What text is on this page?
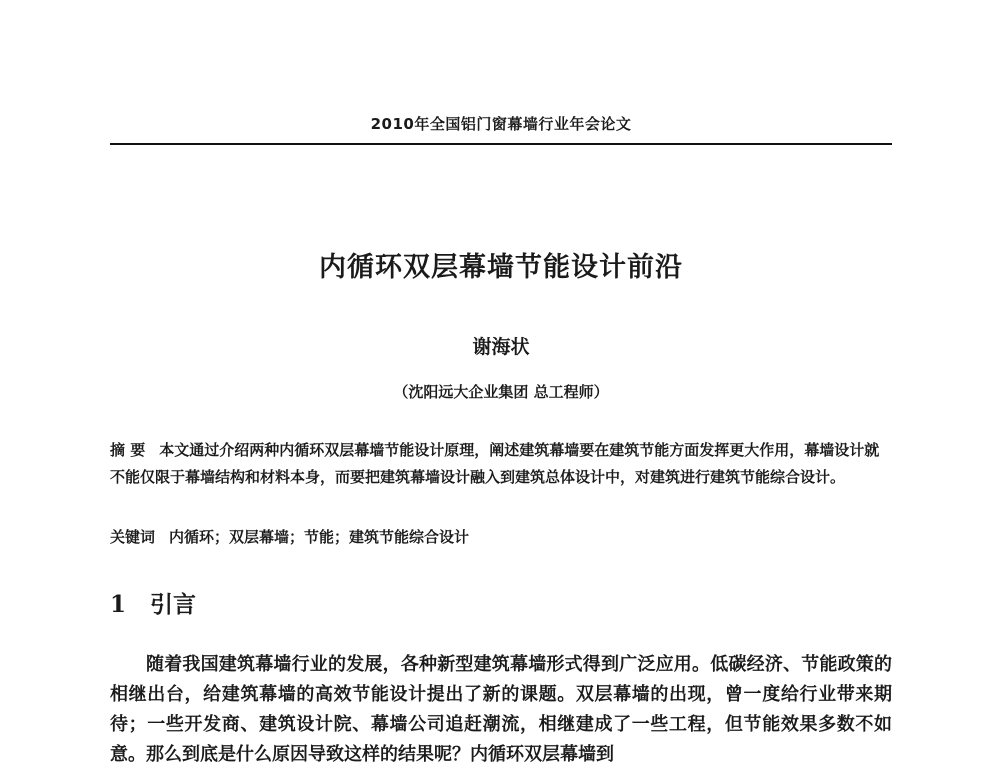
2010年全国铝门窗幕墙行业年会论文
内循环双层幕墙节能设计前沿
谢海状
（沈阳远大企业集团 总工程师）
摘 要 本文通过介绍两种内循环双层幕墙节能设计原理，阐述建筑幕墙要在建筑节能方面发挥更大作用，幕墙设计就不能仅限于幕墙结构和材料本身，而要把建筑幕墙设计融入到建筑总体设计中，对建筑进行建筑节能综合设计。
关键词 内循环；双层幕墙；节能；建筑节能综合设计
1 引言
随着我国建筑幕墙行业的发展，各种新型建筑幕墙形式得到广泛应用。低碳经济、节能政策的相继出台，给建筑幕墙的高效节能设计提出了新的课题。双层幕墙的出现，曾一度给行业带来期待；一些开发商、建筑设计院、幕墙公司追赶潮流，相继建成了一些工程，但节能效果多数不如意。那么到底是什么原因导致这样的结果呢？内循环双层幕墙到
